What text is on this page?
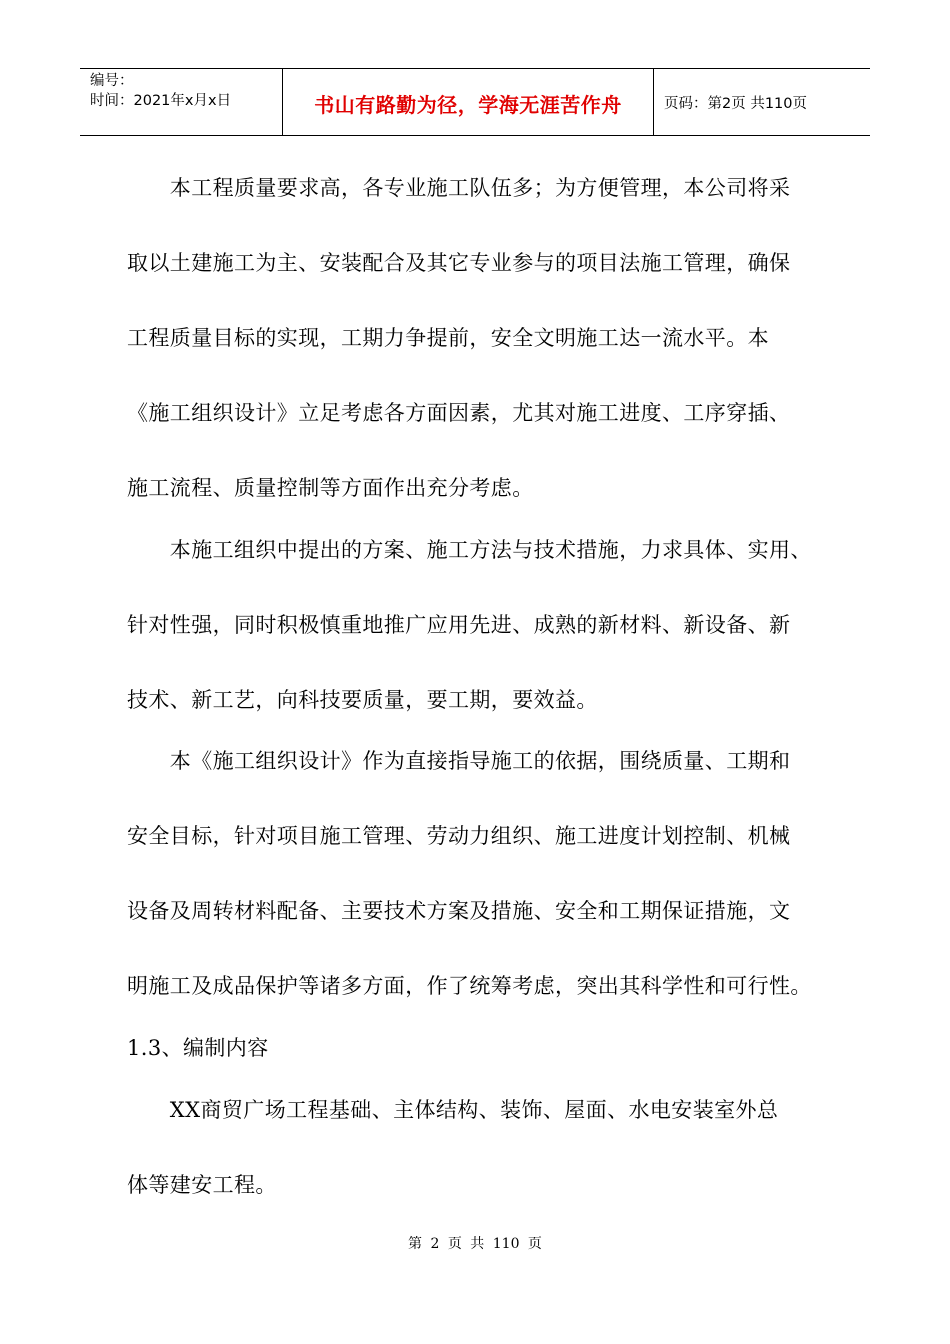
编号：
时间：2021年x月x日	书山有路勤为径，学海无涯苦作舟	页码：第2页 共110页
　　本工程质量要求高，各专业施工队伍多；为方便管理，本公司将采
取以土建施工为主、安装配合及其它专业参与的项目法施工管理，确保
工程质量目标的实现，工期力争提前，安全文明施工达一流水平。本
《施工组织设计》立足考虑各方面因素，尤其对施工进度、工序穿插、
施工流程、质量控制等方面作出充分考虑。
　　本施工组织中提出的方案、施工方法与技术措施，力求具体、实用、
针对性强，同时积极慎重地推广应用先进、成熟的新材料、新设备、新
技术、新工艺，向科技要质量，要工期，要效益。
　　本《施工组织设计》作为直接指导施工的依据，围绕质量、工期和
安全目标，针对项目施工管理、劳动力组织、施工进度计划控制、机械
设备及周转材料配备、主要技术方案及措施、安全和工期保证措施，文
明施工及成品保护等诸多方面，作了统筹考虑，突出其科学性和可行性。
1.3、编制内容
　　XX商贸广场工程基础、主体结构、装饰、屋面、水电安装室外总
体等建安工程。
第 2 页 共 110 页
